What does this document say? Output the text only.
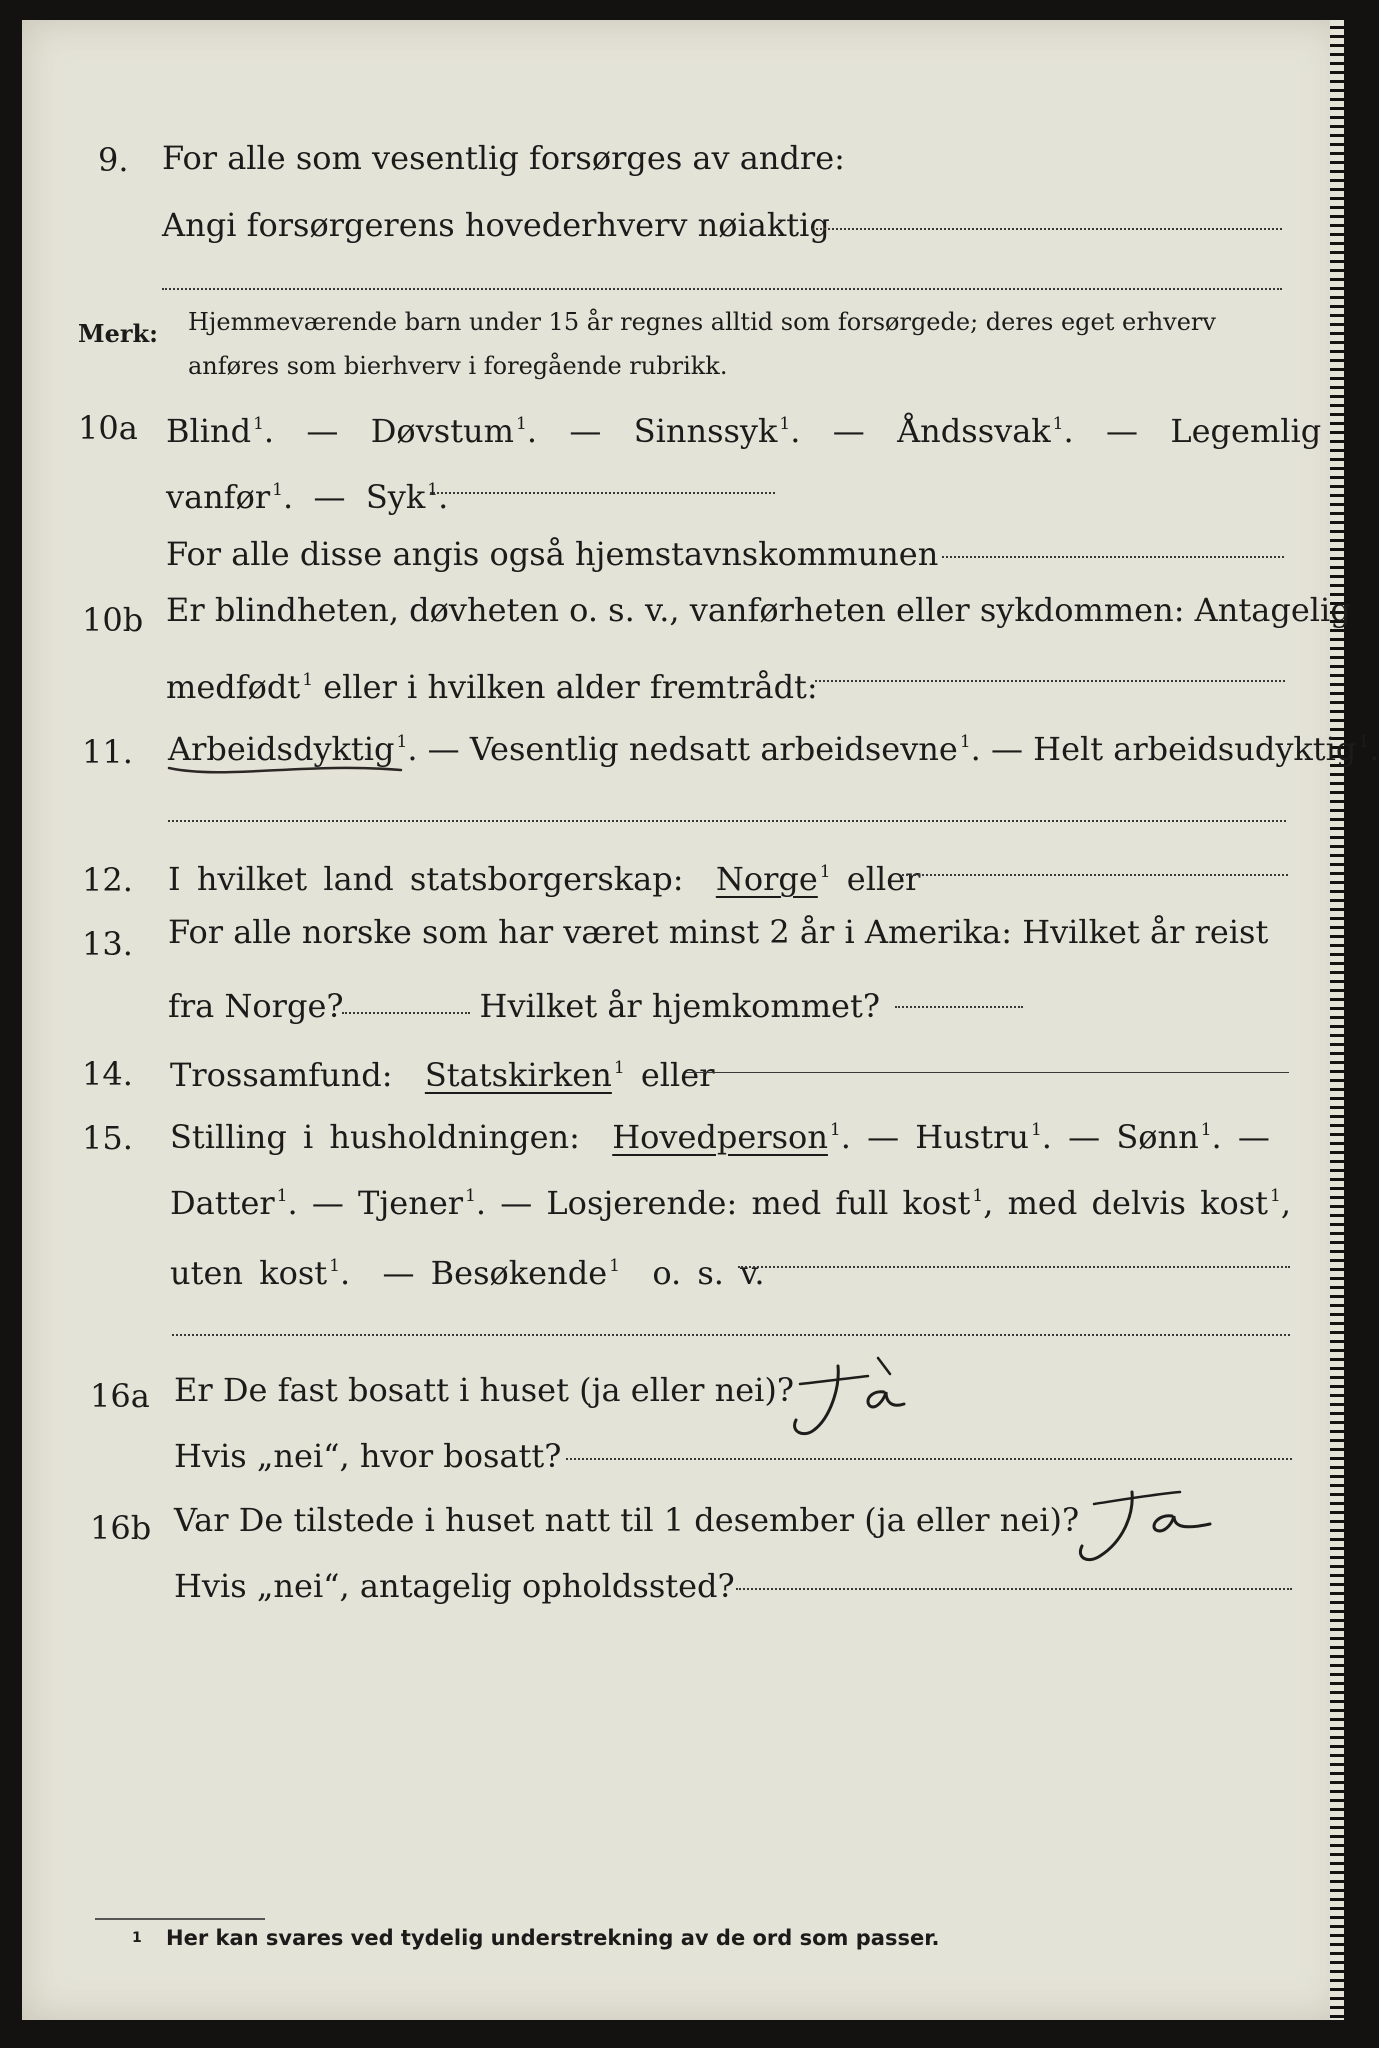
9. For alle som vesentlig forsørges av andre:
Angi forsørgerens hovederhverv nøiaktig
Merk: Hjemmeværende barn under 15 år regnes alltid som forsørgede; deres eget erhverv
anføres som bierhverv i foregående rubrikk.
10a Blind $^1$.  —  Døvstum $^1$.  —  Sinnssyk $^1$.  —  Åndssvak $^1$.  —  Legemlig
vanfør $^1$.  —  Syk $^1$.
For alle disse angis også hjemstavnskommunen
10b Er blindheten, døvheten o. s. v., vanførheten eller sykdommen: Antagelig
medfødt $^1$ eller i hvilken alder fremtrådt:
11. Arbeidsdyktig $^1$. — Vesentlig nedsatt arbeidsevne $^1$. — Helt arbeidsudyktig $^1$.
12. I hvilket land statsborgerskap: Norge $^1$ eller
13. For alle norske som har været minst 2 år i Amerika: Hvilket år reist
fra Norge?	Hvilket år hjemkommet?
14. Trossamfund: Statskirken $^1$ eller
15. Stilling i husholdningen: Hovedperson $^1$. — Hustru $^1$. — Sønn $^1$. —
Datter $^1$. — Tjener $^1$. — Losjerende: med full kost $^1$, med delvis kost $^1$,
uten kost $^1$.  — Besøkende $^1$ o. s. v.
16a Er De fast bosatt i huset (ja eller nei)?
Hvis „nei“, hvor bosatt?
16b Var De tilstede i huset natt til 1 desember (ja eller nei)?
Hvis „nei“, antagelig opholdssted?
1 Her kan svares ved tydelig understrekning av de ord som passer.
